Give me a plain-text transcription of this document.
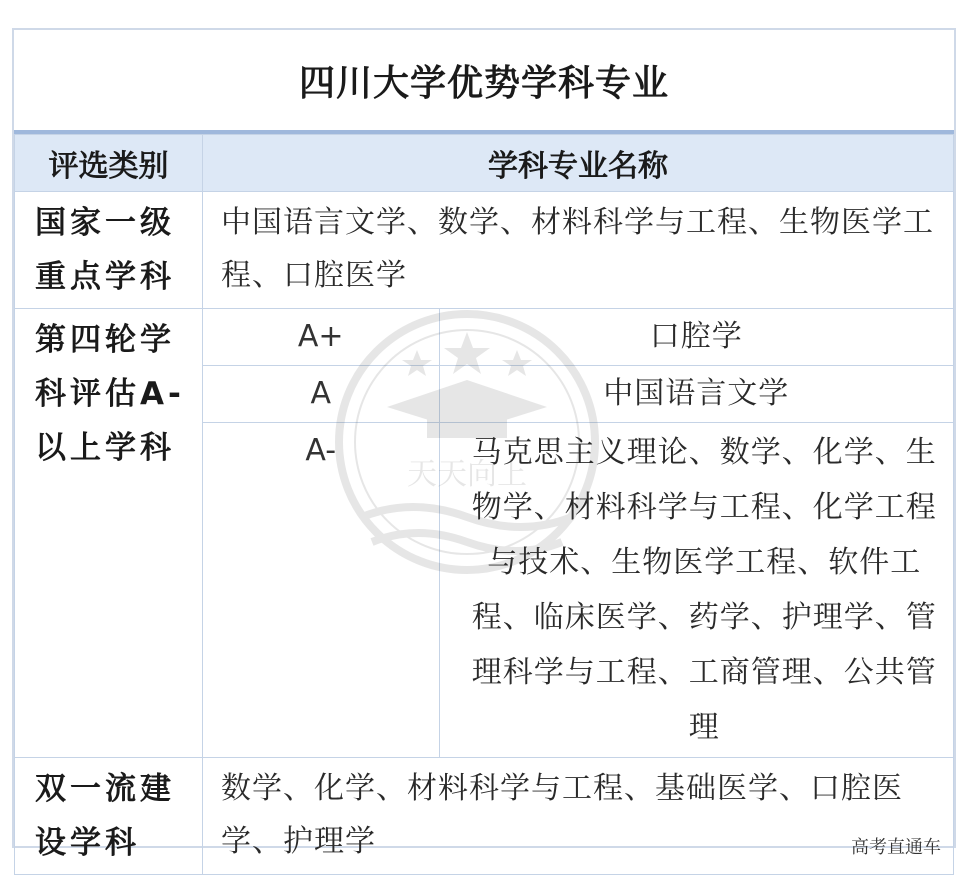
四川大学优势学科专业
评选类别	学科专业名称
国家一级重点学科	中国语言文学、数学、材料科学与工程、生物医学工程、口腔医学
第四轮学科评估A-以上学科	
A+	口腔学
A	中国语言文学
A-	马克思主义理论、数学、化学、生物学、材料科学与工程、化学工程与技术、生物医学工程、软件工程、临床医学、药学、护理学、管理科学与工程、工商管理、公共管理

双一流建设学科	数学、化学、材料科学与工程、基础医学、口腔医学、护理学	高考直通车
